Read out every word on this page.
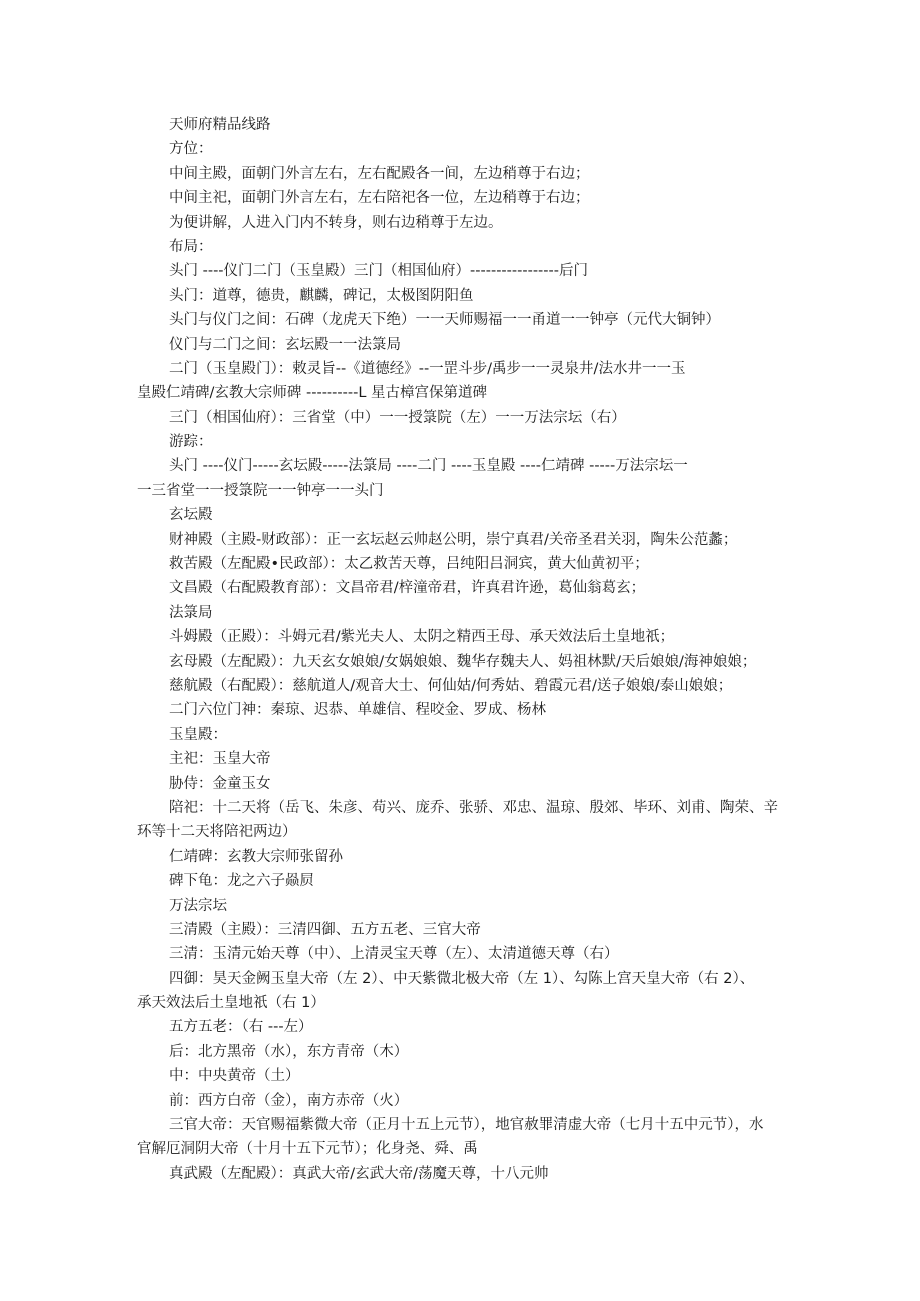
天师府精品线路
方位：
中间主殿，面朝门外言左右，左右配殿各一间，左边稍尊于右边；
中间主祀，面朝门外言左右，左右陪祀各一位，左边稍尊于右边；
为便讲解，人进入门内不转身，则右边稍尊于左边。
布局：
头门 ----仪门二门（玉皇殿）三门（相国仙府）-----------------后门
头门：道尊，德贵，麒麟，碑记，太极图阴阳鱼
头门与仪门之间：石碑（龙虎天下绝）一一天师赐福一一甬道一一钟亭（元代大铜钟）
仪门与二门之间：玄坛殿一一法箓局
二门（玉皇殿门）：敕灵旨--《道德经》--一罡斗步/禹步一一灵泉井/法水井一一玉
皇殿仁靖碑/玄教大宗师碑 ----------L 星古樟宫保第道碑
三门（相国仙府）：三省堂（中）一一授箓院（左）一一万法宗坛（右）
游踪：
头门 ----仪门-----玄坛殿-----法箓局 ----二门 ----玉皇殿 ----仁靖碑 -----万法宗坛一
一三省堂一一授箓院一一钟亭一一头门
玄坛殿
财神殿（主殿-财政部）：正一玄坛赵云帅赵公明，崇宁真君/关帝圣君关羽，陶朱公范蠡；
救苦殿（左配殿•民政部）：太乙救苦天尊，吕纯阳吕洞宾，黄大仙黄初平；
文昌殿（右配殿教育部）：文昌帝君/梓潼帝君，许真君许逊，葛仙翁葛玄；
法箓局
斗姆殿（正殿）：斗姆元君/紫光夫人、太阴之精西王母、承天效法后土皇地祇；
玄母殿（左配殿）：九天玄女娘娘/女娲娘娘、魏华存魏夫人、妈祖林默/天后娘娘/海神娘娘；
慈航殿（右配殿）：慈航道人/观音大士、何仙姑/何秀姑、碧霞元君/送子娘娘/泰山娘娘；
二门六位门神：秦琼、迟恭、单雄信、程咬金、罗成、杨林
玉皇殿：
主祀：玉皇大帝
胁侍：金童玉女
陪祀：十二天将（岳飞、朱彦、苟兴、庞乔、张骄、邓忠、温琼、殷郊、毕环、刘甫、陶荣、辛
环等十二天将陪祀两边）
仁靖碑：玄教大宗师张留孙
碑下龟：龙之六子赑屃
万法宗坛
三清殿（主殿）：三清四御、五方五老、三官大帝
三清：玉清元始天尊（中）、上清灵宝天尊（左）、太清道德天尊（右）
四御：昊天金阙玉皇大帝（左 2）、中天紫微北极大帝（左 1）、勾陈上宫天皇大帝（右 2）、
承天效法后土皇地祇（右 1）
五方五老：（右 ---左）
后：北方黑帝（水），东方青帝（木）
中：中央黄帝（土）
前：西方白帝（金），南方赤帝（火）
三官大帝：天官赐福紫微大帝（正月十五上元节），地官赦罪清虚大帝（七月十五中元节），水
官解厄洞阴大帝（十月十五下元节）；化身尧、舜、禹
真武殿（左配殿）：真武大帝/玄武大帝/荡魔天尊，十八元帅
